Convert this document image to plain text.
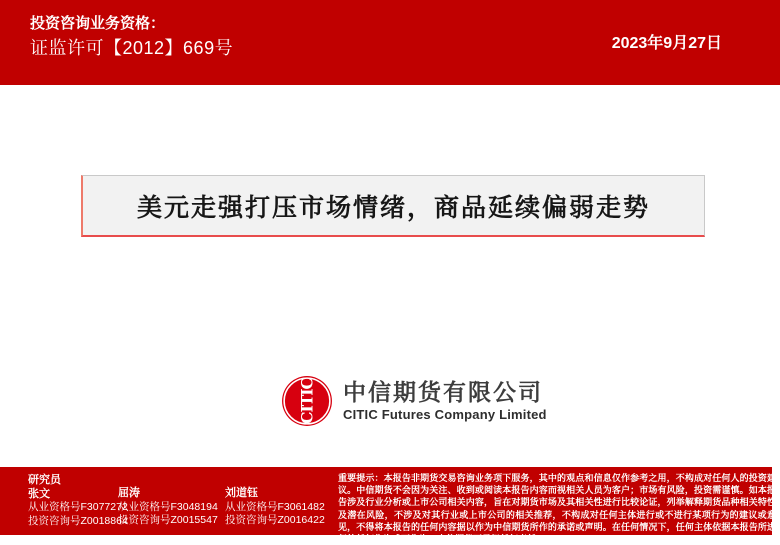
投资咨询业务资格：
证监许可【2012】669号	2023年9月27日
美元走强打压市场情绪，商品延续偏弱走势
CITIC 中信期货有限公司
CITIC Futures Company Limited
研究员
张文
从业资格号F3077272
投资咨询号Z0018864
屈涛
从业资格号F3048194
投资咨询号Z0015547
刘道钰
从业资格号F3061482
投资咨询号Z0016422
重要提示：本报告非期货交易咨询业务项下服务，其中的观点和信息仅作参考之用，不构成对任何人的投资建议。中信期货不会因为关注、收到或阅读本报告内容而视相关人员为客户；市场有风险，投资需谨慎。如本报告涉及行业分析或上市公司相关内容，旨在对期货市场及其相关性进行比较论证，列举解释期货品种相关特性及潜在风险，不涉及对其行业或上市公司的相关推荐，不构成对任何主体进行或不进行某项行为的建议或意见，不得将本报告的任何内容据以作为中信期货所作的承诺或声明。在任何情况下，任何主体依据本报告所进行的任何作为或不作为，中信期货不承担任何责任。
